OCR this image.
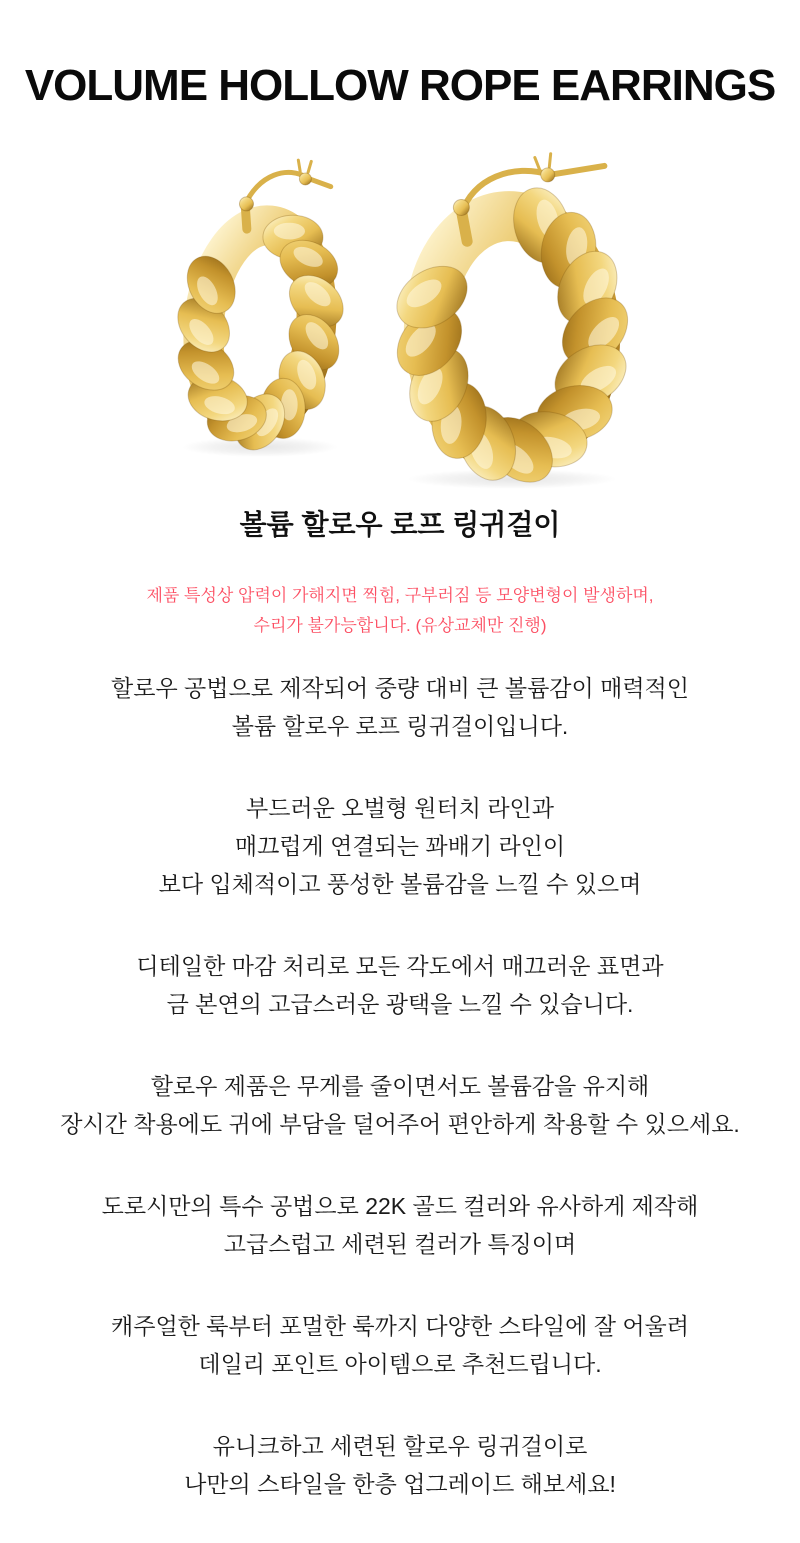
VOLUME HOLLOW ROPE EARRINGS
볼륨 할로우 로프 링귀걸이
제품 특성상 압력이 가해지면 찍힘, 구부러짐 등 모양변형이 발생하며,
수리가 불가능합니다. (유상교체만 진행)

할로우 공법으로 제작되어 중량 대비 큰 볼륨감이 매력적인
볼륨 할로우 로프 링귀걸이입니다.

부드러운 오벌형 원터치 라인과
매끄럽게 연결되는 꽈배기 라인이
보다 입체적이고 풍성한 볼륨감을 느낄 수 있으며

디테일한 마감 처리로 모든 각도에서 매끄러운 표면과
금 본연의 고급스러운 광택을 느낄 수 있습니다.

할로우 제품은 무게를 줄이면서도 볼륨감을 유지해
장시간 착용에도 귀에 부담을 덜어주어 편안하게 착용할 수 있으세요.

도로시만의 특수 공법으로 22K 골드 컬러와 유사하게 제작해
고급스럽고 세련된 컬러가 특징이며

캐주얼한 룩부터 포멀한 룩까지 다양한 스타일에 잘 어울려
데일리 포인트 아이템으로 추천드립니다.

유니크하고 세련된 할로우 링귀걸이로
나만의 스타일을 한층 업그레이드 해보세요!
